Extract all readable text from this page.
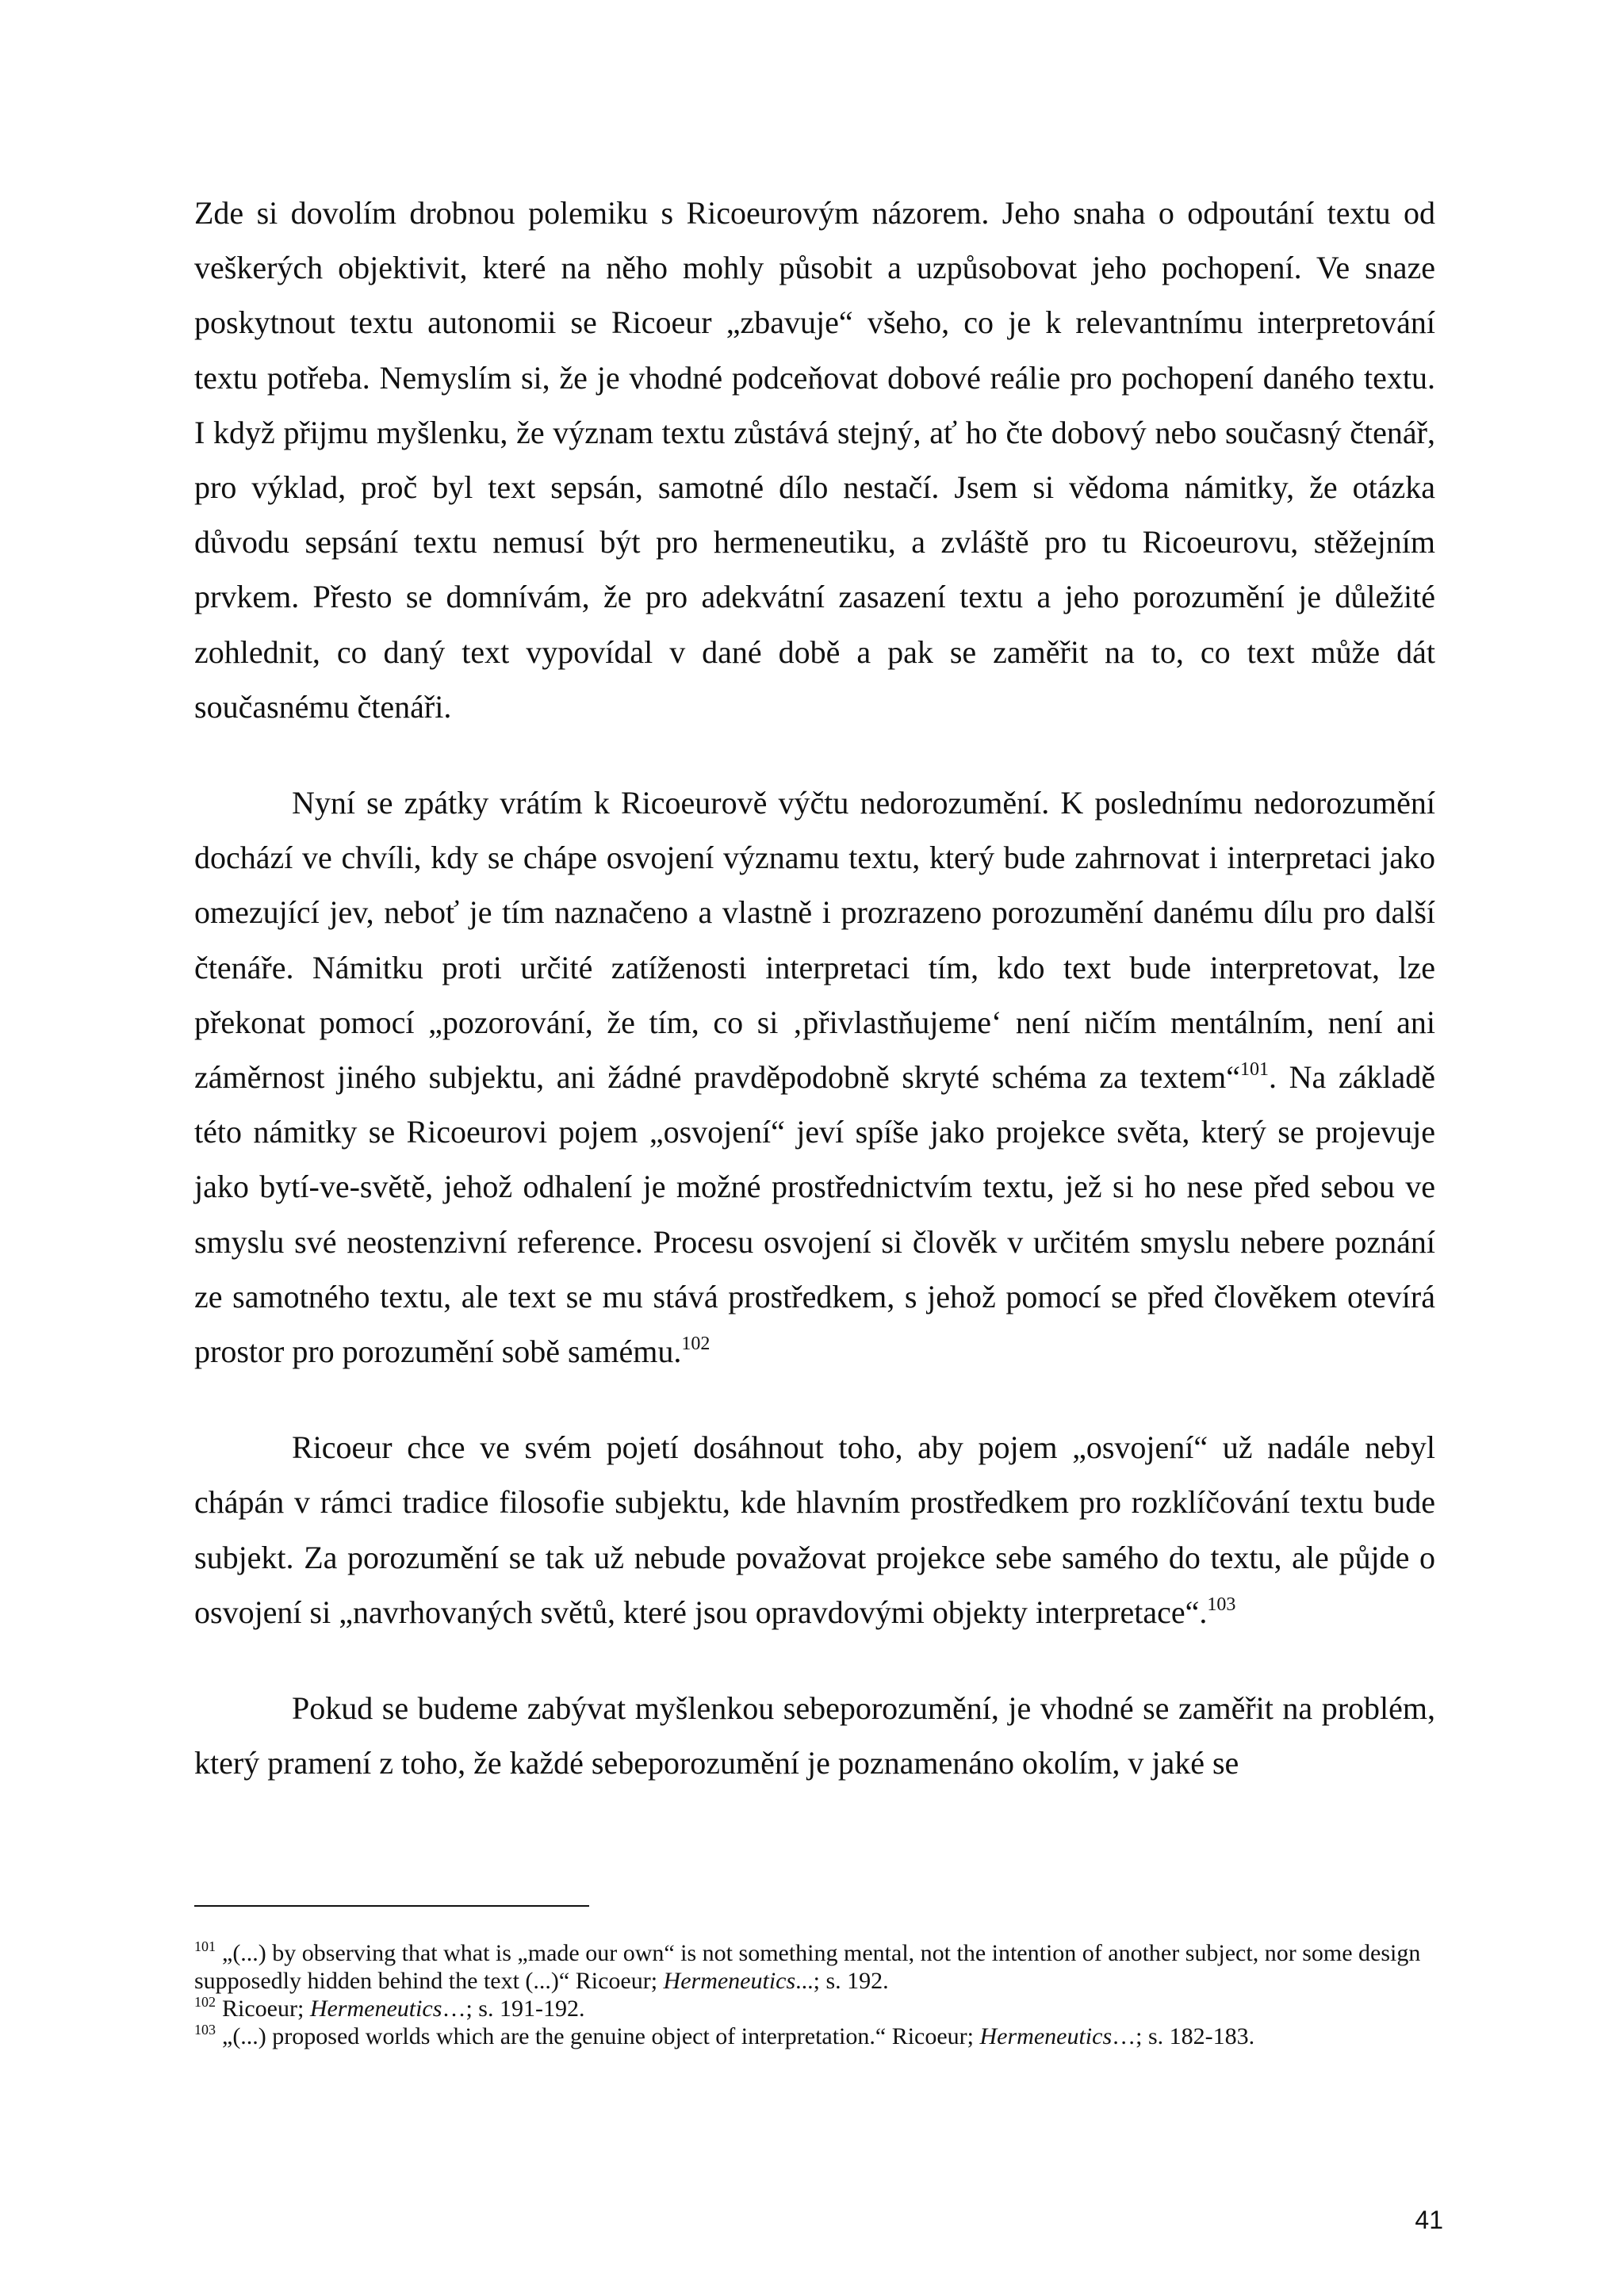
Zde si dovolím drobnou polemiku s Ricoeurovým názorem. Jeho snaha o odpoutání textu od veškerých objektivit, které na něho mohly působit a uzpůsobovat jeho pochopení. Ve snaze poskytnout textu autonomii se Ricoeur „zbavuje“ všeho, co je k relevantnímu interpretování textu potřeba. Nemyslím si, že je vhodné podceňovat dobové reálie pro pochopení daného textu. I když přijmu myšlenku, že význam textu zůstává stejný, ať ho čte dobový nebo současný čtenář, pro výklad, proč byl text sepsán, samotné dílo nestačí. Jsem si vědoma námitky, že otázka důvodu sepsání textu nemusí být pro hermeneutiku, a zvláště pro tu Ricoeurovu, stěžejním prvkem. Přesto se domnívám, že pro adekvátní zasazení textu a jeho porozumění je důležité zohlednit, co daný text vypovídal v dané době a pak se zaměřit na to, co text může dát současnému čtenáři.

Nyní se zpátky vrátím k Ricoeurově výčtu nedorozumění. K poslednímu nedorozumění dochází ve chvíli, kdy se chápe osvojení významu textu, který bude zahrnovat i interpretaci jako omezující jev, neboť je tím naznačeno a vlastně i prozrazeno porozumění danému dílu pro další čtenáře. Námitku proti určité zatíženosti interpretaci tím, kdo text bude interpretovat, lze překonat pomocí „pozorování, že tím, co si ‚přivlastňujeme‘ není ničím mentálním, není ani záměrnost jiného subjektu, ani žádné pravděpodobně skryté schéma za textem“$^{101}$. Na základě této námitky se Ricoeurovi pojem „osvojení“ jeví spíše jako projekce světa, který se projevuje jako bytí-ve-světě, jehož odhalení je možné prostřednictvím textu, jež si ho nese před sebou ve smyslu své neostenzivní reference. Procesu osvojení si člověk v určitém smyslu nebere poznání ze samotného textu, ale text se mu stává prostředkem, s jehož pomocí se před člověkem otevírá prostor pro porozumění sobě samému.$^{102}$

Ricoeur chce ve svém pojetí dosáhnout toho, aby pojem „osvojení“ už nadále nebyl chápán v rámci tradice filosofie subjektu, kde hlavním prostředkem pro rozklíčování textu bude subjekt. Za porozumění se tak už nebude považovat projekce sebe samého do textu, ale půjde o osvojení si „navrhovaných světů, které jsou opravdovými objekty interpretace“.$^{103}$

Pokud se budeme zabývat myšlenkou sebeporozumění, je vhodné se zaměřit na problém, který pramení z toho, že každé sebeporozumění je poznamenáno okolím, v jaké se

$^{101}$ „(...) by observing that what is „made our own“ is not something mental, not the intention of another subject, nor some design supposedly hidden behind the text (...)“ Ricoeur; Hermeneutics...; s. 192.

$^{102}$ Ricoeur; Hermeneutics…; s. 191-192.

$^{103}$ „(...) proposed worlds which are the genuine object of interpretation.“ Ricoeur; Hermeneutics…; s. 182-183.

41
